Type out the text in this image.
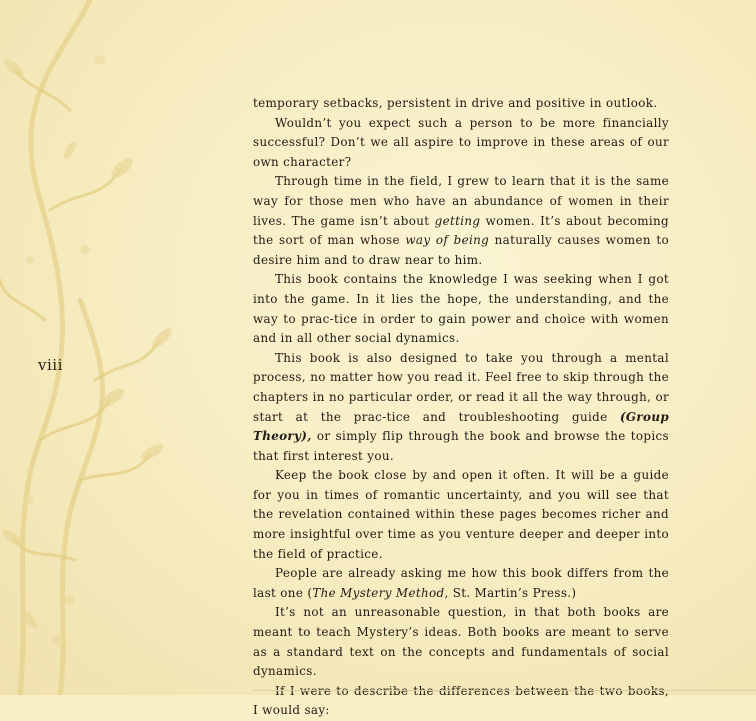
viii

temporary setbacks, persistent in drive and positive in outlook.

Wouldn’t you expect such a person to be more financially successful? Don’t we all aspire to improve in these areas of our own character?

Through time in the field, I grew to learn that it is the same way for those men who have an abundance of women in their lives. The game isn’t about getting women. It’s about becoming the sort of man whose way of being naturally causes women to desire him and to draw near to him.

This book contains the knowledge I was seeking when I got into the game. In it lies the hope, the understanding, and the way to prac-tice in order to gain power and choice with women and in all other social dynamics.

This book is also designed to take you through a mental process, no matter how you read it. Feel free to skip through the chapters in no particular order, or read it all the way through, or start at the prac-tice and troubleshooting guide (Group Theory), or simply flip through the book and browse the topics that first interest you.

Keep the book close by and open it often. It will be a guide for you in times of romantic uncertainty, and you will see that the revelation contained within these pages becomes richer and more insightful over time as you venture deeper and deeper into the field of practice.

People are already asking me how this book differs from the last one (The Mystery Method, St. Martin’s Press.)

It’s not an unreasonable question, in that both books are meant to teach Mystery’s ideas. Both books are meant to serve as a standard text on the concepts and fundamentals of social dynamics.

I would say:
